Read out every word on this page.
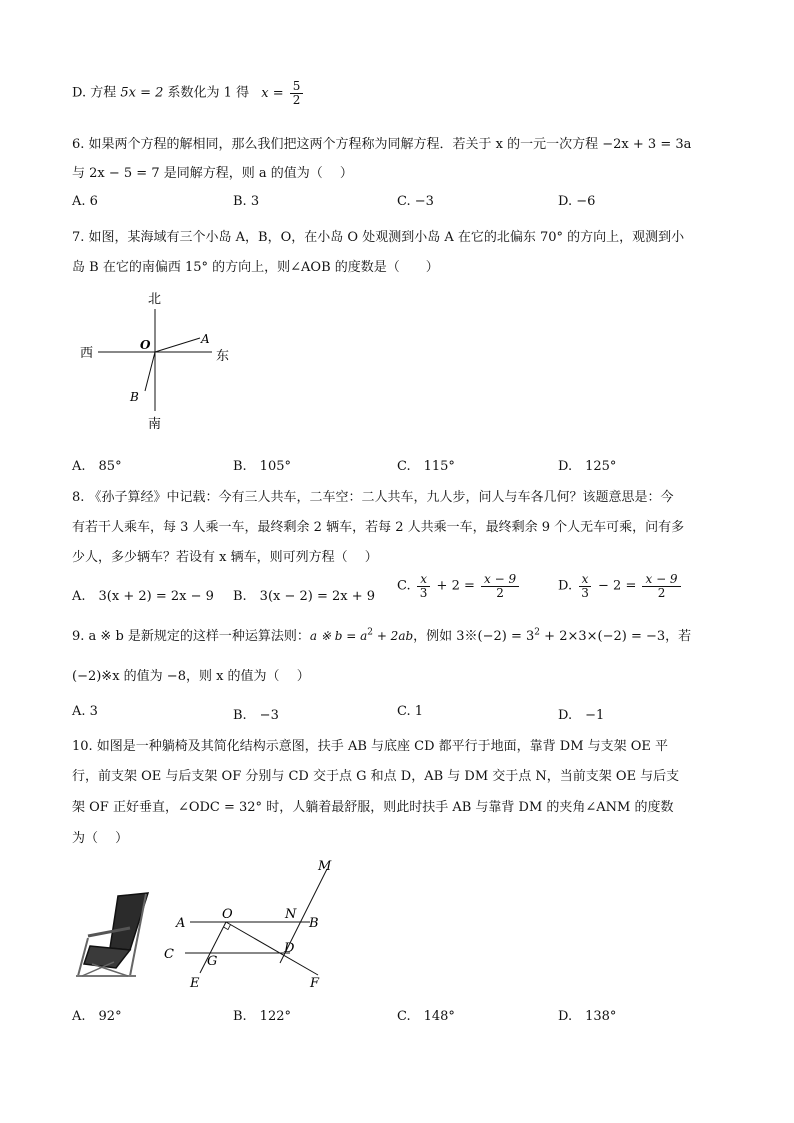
D. 方程 5x = 2 系数化为 1 得 $x = \frac{5}{2}$
6. 如果两个方程的解相同，那么我们把这两个方程称为同解方程．若关于 x 的一元一次方程 −2x + 3 = 3a
与 2x − 5 = 7 是同解方程，则 a 的值为（　 ）
A. 6	B. 3	C. −3	D. −6
7. 如图，某海域有三个小岛 A，B，O，在小岛 O 处观测到小岛 A 在它的北偏东 70° 的方向上，观测到小
岛 B 在它的南偏西 15° 的方向上，则∠AOB 的度数是（　　）
北
南
西	东
O	A
B
A.　85°	B.　105°	C.　115°	D.　125°
8. 《孙子算经》中记载：今有三人共车，二车空：二人共车，九人步，问人与车各几何？该题意思是：今
有若干人乘车，每 3 人乘一车，最终剩余 2 辆车，若每 2 人共乘一车，最终剩余 9 个人无车可乘，问有多
少人，多少辆车？若设有 x 辆车，则可列方程（　 ）
A.　3(x + 2) = 2x − 9 B.　3(x − 2) = 2x + 9
C. $\frac{x}{3} + 2 = \frac{x - 9}{2}$	D. $\frac{x}{3} - 2 = \frac{x - 9}{2}$
9. a ※ b 是新规定的这样一种运算法则：a ※ $b = a^2 + 2ab$，例如 3※(−2) = $3^2 + 2\times 3\times(-2) = -3$，若
(−2)※x 的值为 −8，则 x 的值为（　 ）
A. 3	B.　−3	C. 1	D.　−1
10. 如图是一种躺椅及其简化结构示意图，扶手 AB 与底座 CD 都平行于地面，靠背 DM 与支架 OE 平
行，前支架 OE 与后支架 OF 分别与 CD 交于点 G 和点 D，AB 与 DM 交于点 N，当前支架 OE 与后支
架 OF 正好垂直，∠ODC = 32° 时，人躺着最舒服，则此时扶手 AB 与靠背 DM 的夹角∠ANM 的度数
为（　 ）
M
A
O	N
B
C	D
G
E	F
A.　92°	B.　122°	C.　148°	D.　138°
